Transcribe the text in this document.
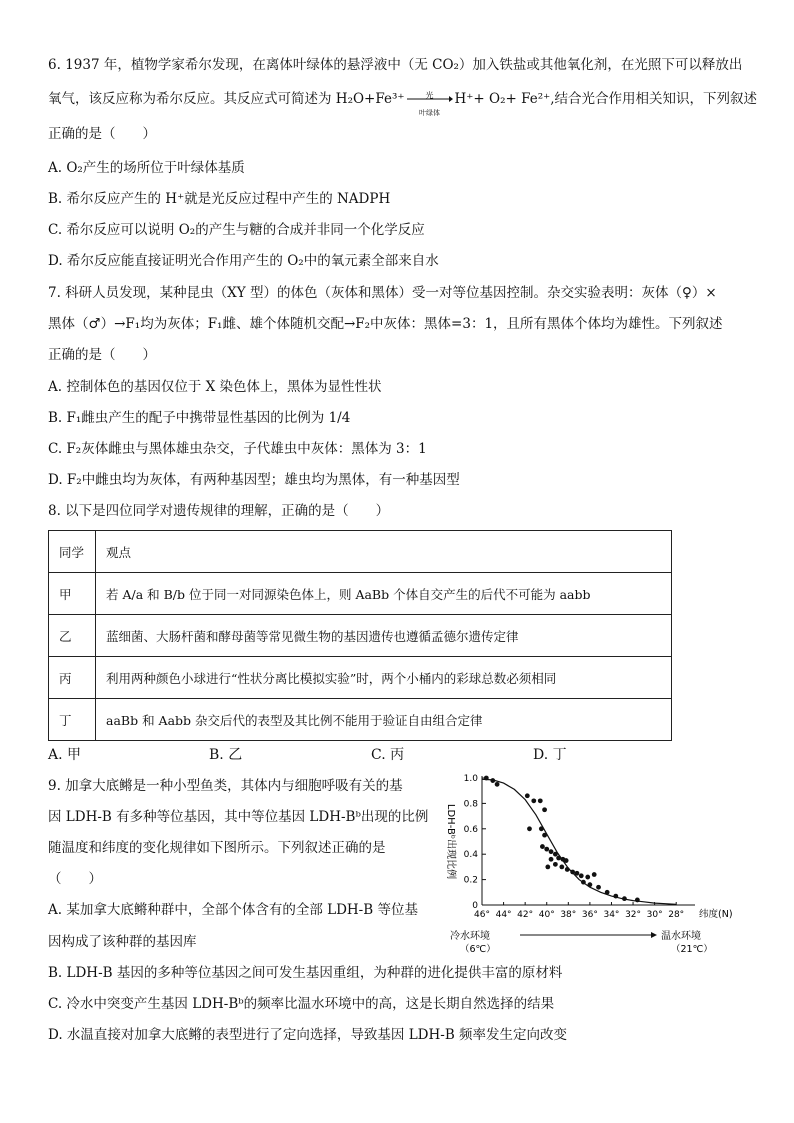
6. 1937 年，植物学家希尔发现，在离体叶绿体的悬浮液中（无 CO₂）加入铁盐或其他氧化剂，在光照下可以释放出
氧气，该反应称为希尔反应。其反应式可简述为 H₂O+Fe³⁺	光
叶绿体
H⁺+ O₂+ Fe²⁺,结合光合作用相关知识，下列叙述
正确的是（　　）
A. O₂产生的场所位于叶绿体基质
B. 希尔反应产生的 H⁺就是光反应过程中产生的 NADPH
C. 希尔反应可以说明 O₂的产生与糖的合成并非同一个化学反应
D. 希尔反应能直接证明光合作用产生的 O₂中的氧元素全部来自水
7. 科研人员发现，某种昆虫（XY 型）的体色（灰体和黑体）受一对等位基因控制。杂交实验表明：灰体（♀）×
黑体（♂）→F₁均为灰体；F₁雌、雄个体随机交配→F₂中灰体：黑体=3：1，且所有黑体个体均为雄性。下列叙述
正确的是（　　）
A. 控制体色的基因仅位于 X 染色体上，黑体为显性性状
B. F₁雌虫产生的配子中携带显性基因的比例为 1/4
C. F₂灰体雌虫与黑体雄虫杂交，子代雄虫中灰体：黑体为 3：1
D. F₂中雌虫均为灰体，有两种基因型；雄虫均为黑体，有一种基因型
8. 以下是四位同学对遗传规律的理解，正确的是（　　）
同学	观点
甲	若 A/a 和 B/b 位于同一对同源染色体上，则 AaBb 个体自交产生的后代不可能为 aabb
乙	蓝细菌、大肠杆菌和酵母菌等常见微生物的基因遗传也遵循孟德尔遗传定律
丙	利用两种颜色小球进行“性状分离比模拟实验”时，两个小桶内的彩球总数必须相同
丁	aaBb 和 Aabb 杂交后代的表型及其比例不能用于验证自由组合定律
A. 甲	B. 乙	C. 丙	D. 丁
9. 加拿大底鳉是一种小型鱼类，其体内与细胞呼吸有关的基
因 LDH-B 有多种等位基因，其中等位基因 LDH-Bᵇ出现的比例
随温度和纬度的变化规律如下图所示。下列叙述正确的是
（　　）
A. 某加拿大底鳉种群中，全部个体含有的全部 LDH-B 等位基
因构成了该种群的基因库
B. LDH-B 基因的多种等位基因之间可发生基因重组，为种群的进化提供丰富的原材料
C. 冷水中突变产生基因 LDH-Bᵇ的频率比温水环境中的高，这是长期自然选择的结果
D. 水温直接对加拿大底鳉的表型进行了定向选择，导致基因 LDH-B 频率发生定向改变
0
0.2
0.4
0.6
0.8
1.0
46° 44° 42° 40° 38° 36° 34° 32° 30° 28° 纬度(N)
LDH-Bᵇ出现比例
冷水环境
（6℃）
温水环境
（21℃）
